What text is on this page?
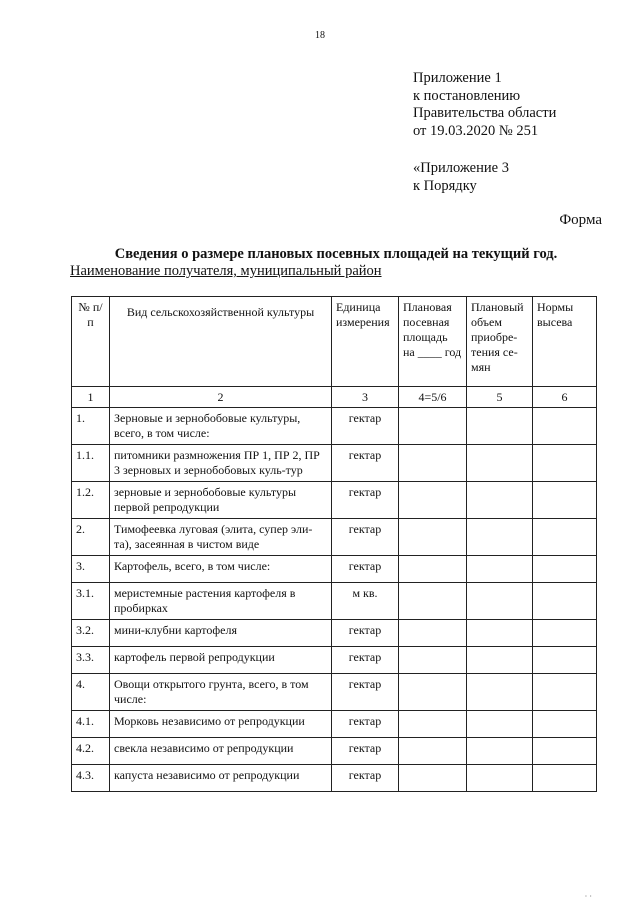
18
Приложение 1
к постановлению
Правительства области
от 19.03.2020 № 251
«Приложение 3
к Порядку
Форма
Сведения о размере плановых посевных площадей на текущий год.
Наименование получателя, муниципальный район
№ п/п	Вид сельскохозяйственной культуры	Единица измерения	Плановая посевная площадь на ____ год	Плановый объем приобре-тения се-мян	Нормы высева
1	2	3	4=5/6	5	6
1.	Зерновые и зернобобовые культуры, всего, в том числе:	гектар			
1.1.	питомники размножения ПР 1, ПР 2, ПР 3 зерновых и зернобобовых куль-тур	гектар			
1.2.	зерновые и зернобобовые культуры первой репродукции	гектар			
2.	Тимофеевка луговая (элита, супер эли-та), засеянная в чистом виде	гектар			
3.	Картофель, всего, в том числе:	гектар			
3.1.	меристемные растения картофеля в пробирках	м кв.			
3.2.	мини-клубни картофеля	гектар			
3.3.	картофель первой репродукции	гектар			
4.	Овощи открытого грунта, всего, в том числе:	гектар			
4.1.	Морковь независимо от репродукции	гектар			
4.2.	свекла независимо от репродукции	гектар			
4.3.	капуста независимо от репродукции	гектар			
· ·
